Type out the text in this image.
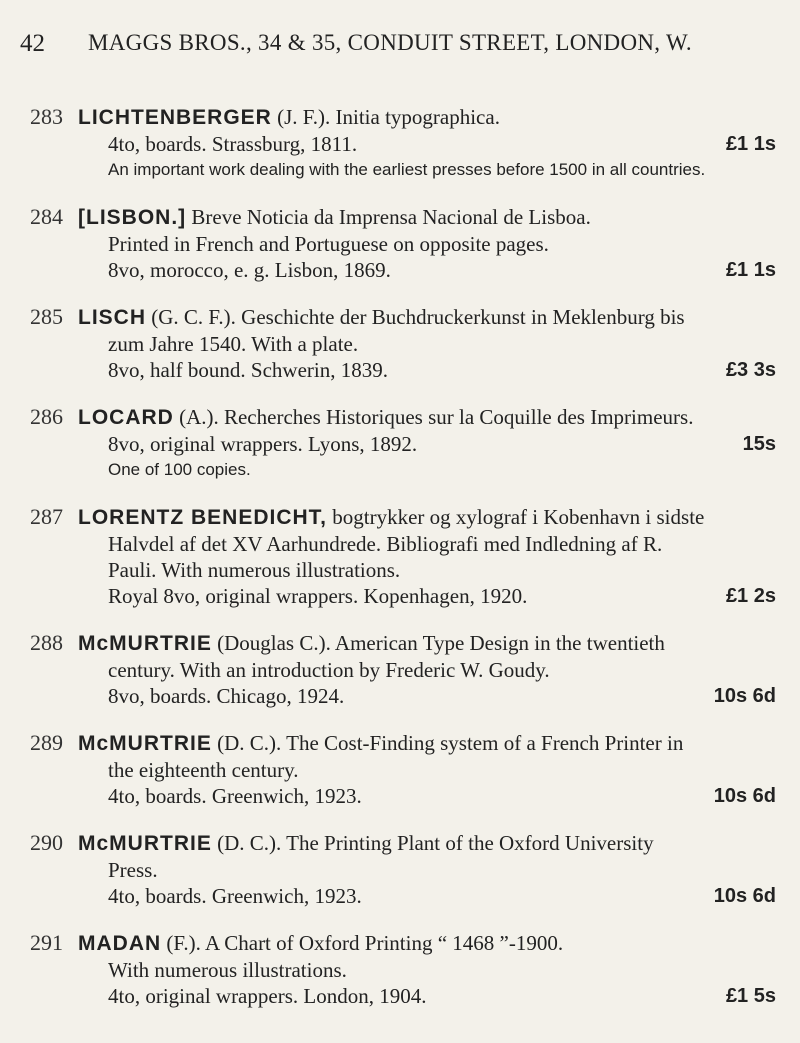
42 MAGGS BROS., 34 & 35, CONDUIT STREET, LONDON, W.
283 LICHTENBERGER (J. F.). Initia typographica.
4to, boards. Strassburg, 1811.	£1 1s
An important work dealing with the earliest presses before 1500 in all countries.
284 [LISBON.] Breve Noticia da Imprensa Nacional de Lisboa.
Printed in French and Portuguese on opposite pages.
8vo, morocco, e. g. Lisbon, 1869.	£1 1s
285 LISCH (G. C. F.). Geschichte der Buchdruckerkunst in Meklenburg bis
zum Jahre 1540. With a plate.
8vo, half bound. Schwerin, 1839.	£3 3s
286 LOCARD (A.). Recherches Historiques sur la Coquille des Imprimeurs.
8vo, original wrappers. Lyons, 1892.	15s
One of 100 copies.
287 LORENTZ BENEDICHT, bogtrykker og xylograf i Kobenhavn i sidste
Halvdel af det XV Aarhundrede. Bibliografi med Indledning af R.
Pauli. With numerous illustrations.
Royal 8vo, original wrappers. Kopenhagen, 1920.	£1 2s
288 McMURTRIE (Douglas C.). American Type Design in the twentieth
century. With an introduction by Frederic W. Goudy.
8vo, boards. Chicago, 1924.	10s 6d
289 McMURTRIE (D. C.). The Cost-Finding system of a French Printer in
the eighteenth century.
4to, boards. Greenwich, 1923.	10s 6d
290 McMURTRIE (D. C.). The Printing Plant of the Oxford University
Press.
4to, boards. Greenwich, 1923.	10s 6d
291 MADAN (F.). A Chart of Oxford Printing “ 1468 ”-1900.
With numerous illustrations.
4to, original wrappers. London, 1904.	£1 5s
